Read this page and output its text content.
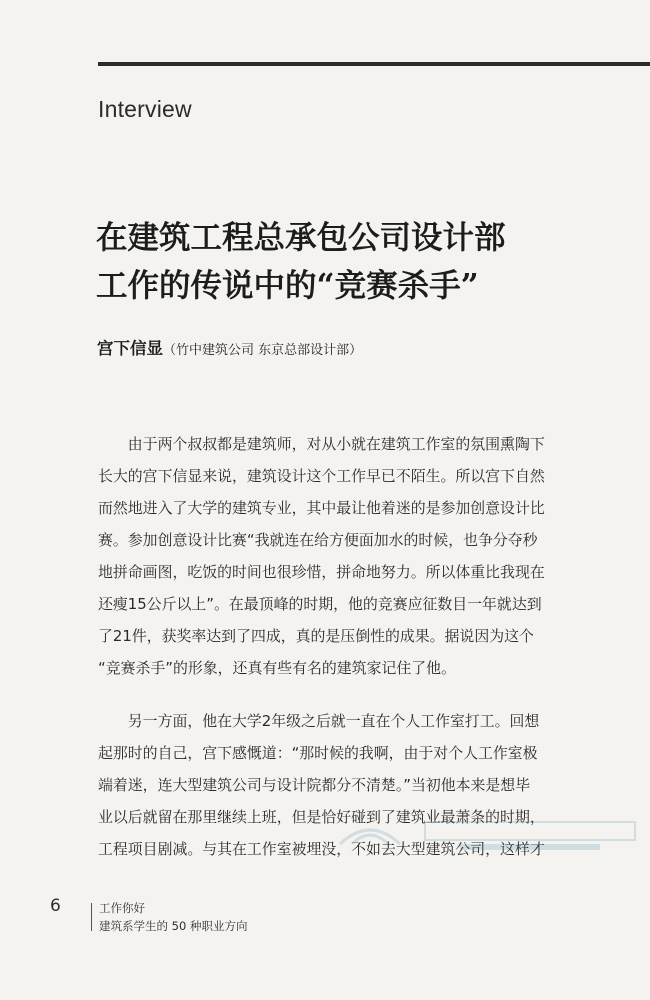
Interview
在建筑工程总承包公司设计部
工作的传说中的“竞赛杀手”
宫下信显（竹中建筑公司 东京总部设计部）
　　由于两个叔叔都是建筑师，对从小就在建筑工作室的氛围熏陶下
长大的宫下信显来说，建筑设计这个工作早已不陌生。所以宫下自然
而然地进入了大学的建筑专业，其中最让他着迷的是参加创意设计比
赛。参加创意设计比赛“我就连在给方便面加水的时候，也争分夺秒
地拼命画图，吃饭的时间也很珍惜，拼命地努力。所以体重比我现在
还瘦15公斤以上”。在最顶峰的时期，他的竞赛应征数目一年就达到
了21件，获奖率达到了四成，真的是压倒性的成果。据说因为这个
“竞赛杀手”的形象，还真有些有名的建筑家记住了他。
　　另一方面，他在大学2年级之后就一直在个人工作室打工。回想
起那时的自己，宫下感慨道：“那时候的我啊，由于对个人工作室极
端着迷，连大型建筑公司与设计院都分不清楚。”当初他本来是想毕
业以后就留在那里继续上班，但是恰好碰到了建筑业最萧条的时期，
工程项目剧减。与其在工作室被埋没，不如去大型建筑公司，这样才
6	工作你好
建筑系学生的 50 种职业方向
